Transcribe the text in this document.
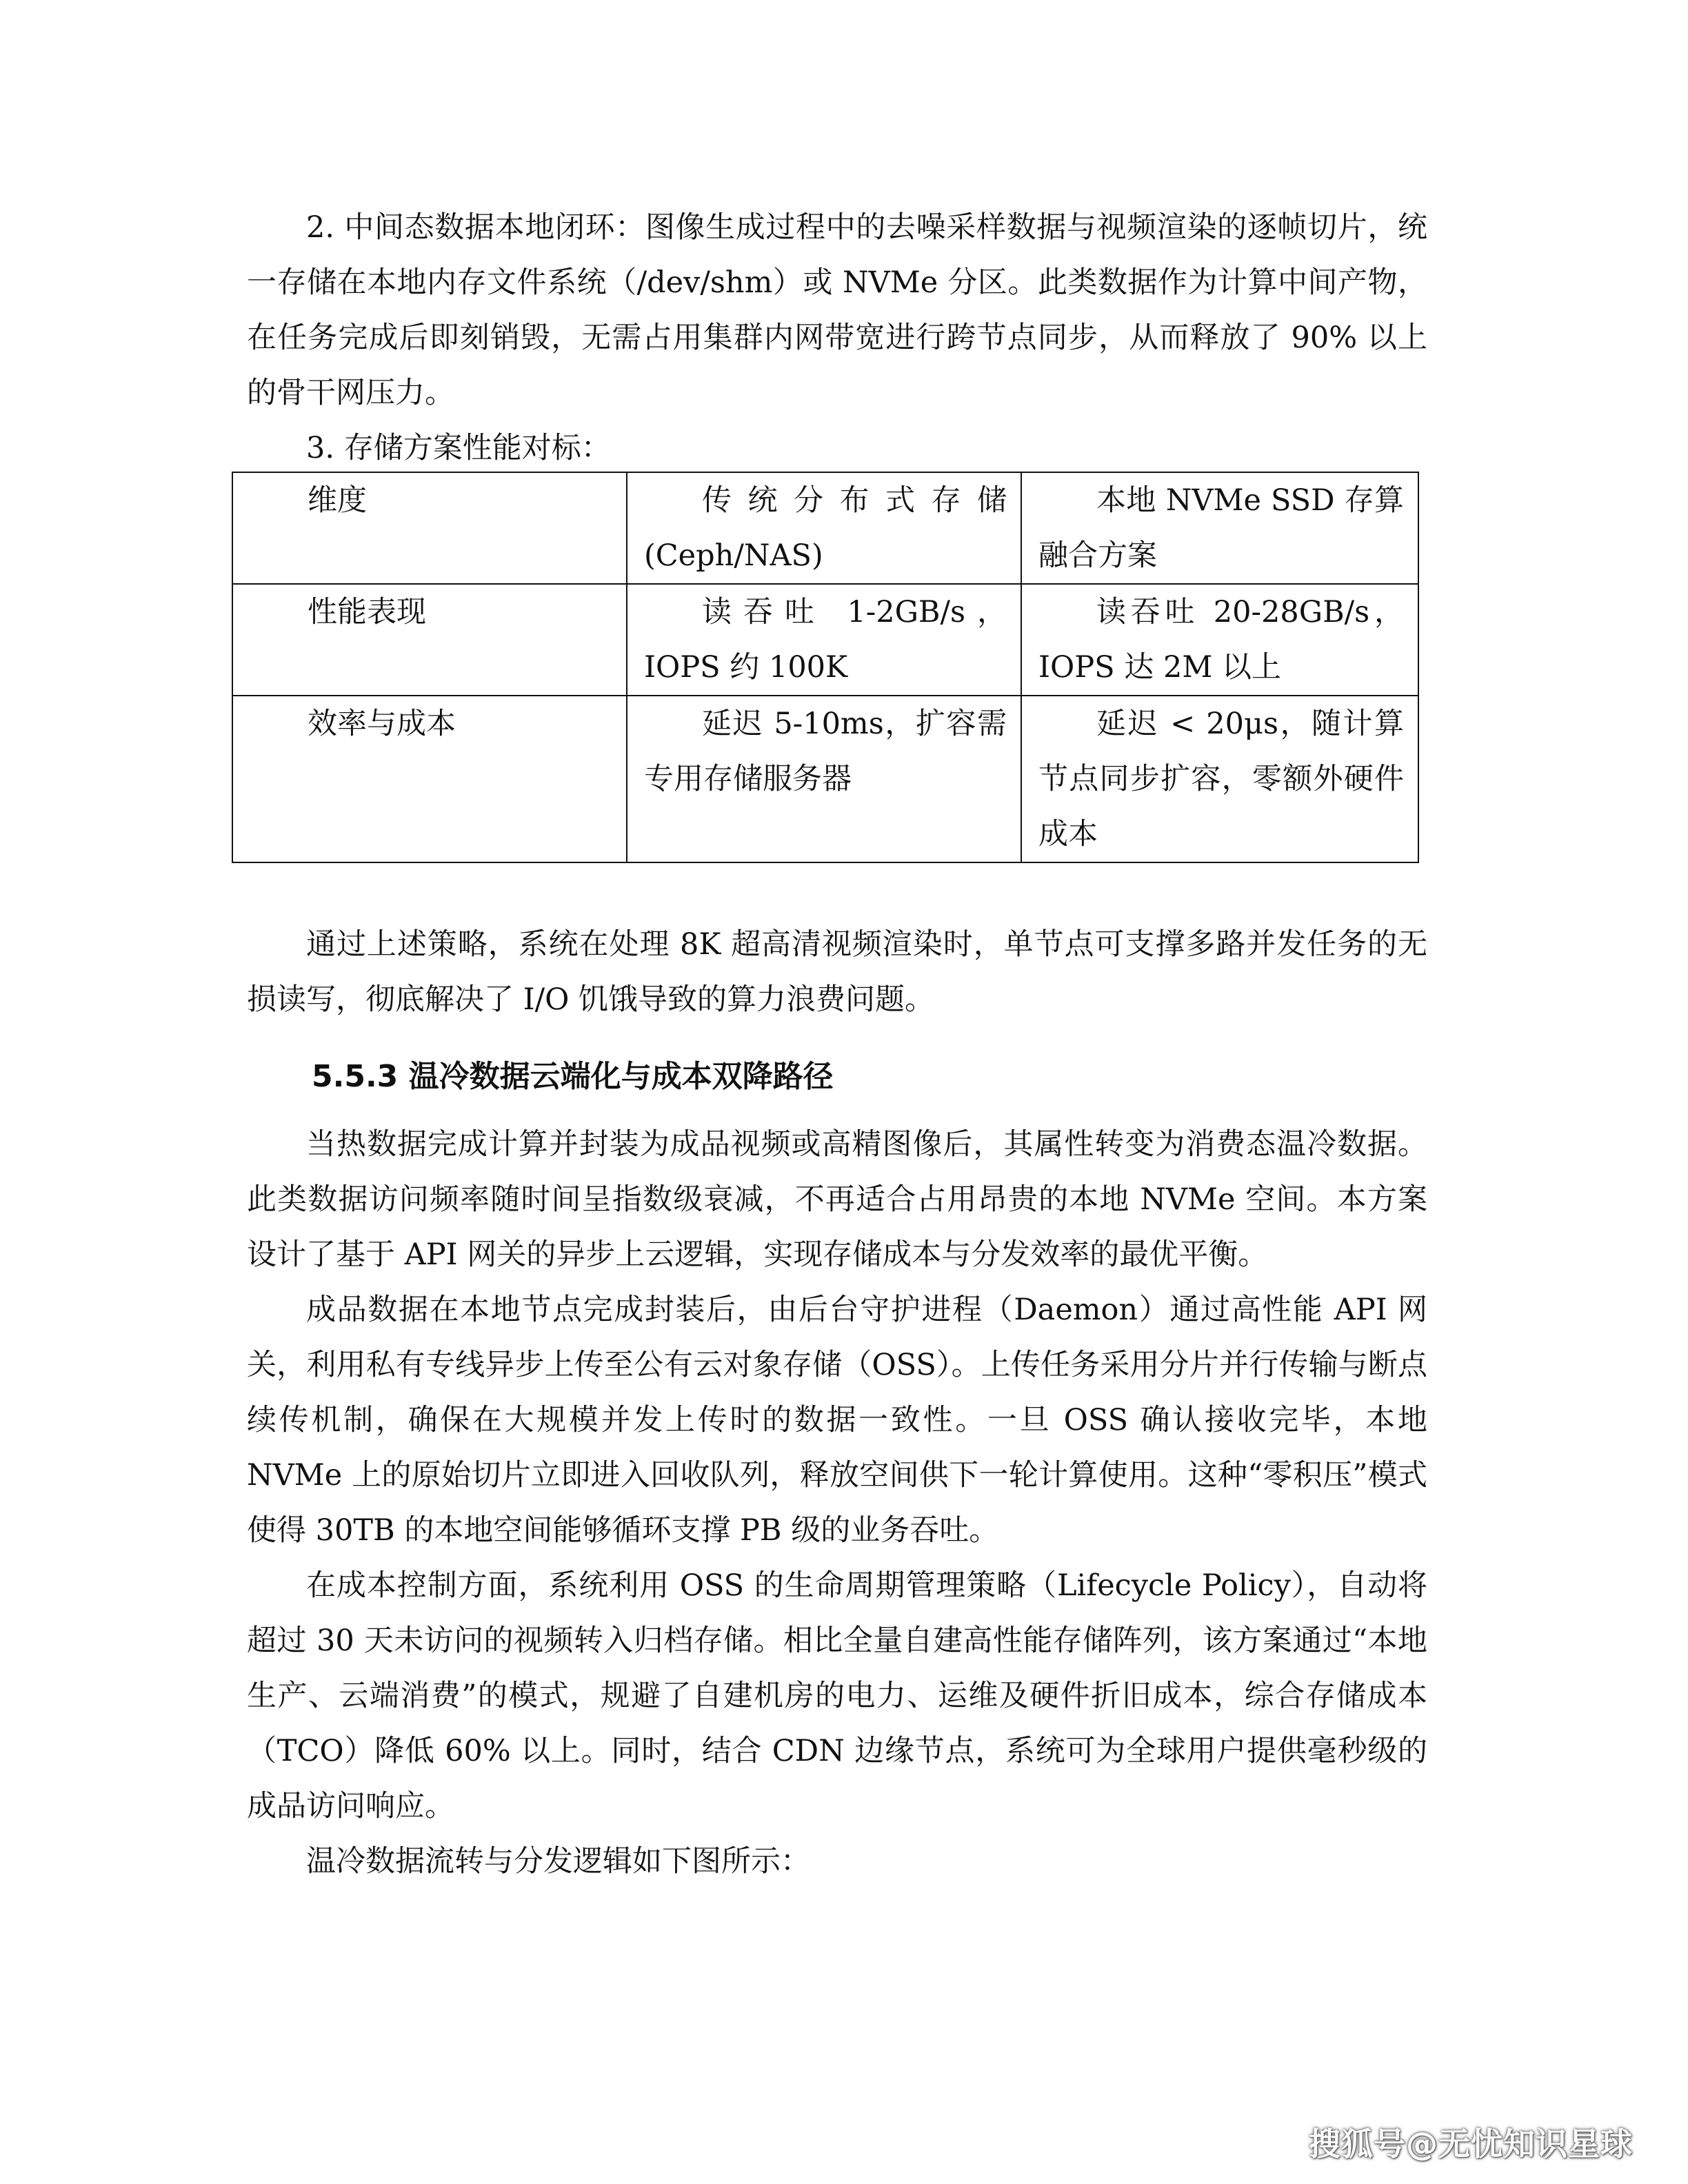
2. 中间态数据本地闭环：图像生成过程中的去噪采样数据与视频渲染的逐帧切片，统一存储在本地内存文件系统（/dev/shm）或 NVMe 分区。此类数据作为计算中间产物，在任务完成后即刻销毁，无需占用集群内网带宽进行跨节点同步，从而释放了 90% 以上的骨干网压力。

3. 存储方案性能对标：

维度	传统分布式存储 (Ceph/NAS)	本地 NVMe SSD 存算融合方案

性能表现	读吞吐 1-2GB/s，IOPS 约 100K	读吞吐 20-28GB/s，IOPS 达 2M 以上

效率与成本	延迟 5-10ms，扩容需专用存储服务器	延迟 < 20μs，随计算节点同步扩容，零额外硬件成本

通过上述策略，系统在处理 8K 超高清视频渲染时，单节点可支撑多路并发任务的无损读写，彻底解决了 I/O 饥饿导致的算力浪费问题。

5.5.3 温冷数据云端化与成本双降路径

当热数据完成计算并封装为成品视频或高精图像后，其属性转变为消费态温冷数据。此类数据访问频率随时间呈指数级衰减，不再适合占用昂贵的本地 NVMe 空间。本方案设计了基于 API 网关的异步上云逻辑，实现存储成本与分发效率的最优平衡。

成品数据在本地节点完成封装后，由后台守护进程（Daemon）通过高性能 API 网关，利用私有专线异步上传至公有云对象存储（OSS）。上传任务采用分片并行传输与断点续传机制，确保在大规模并发上传时的数据一致性。一旦 OSS 确认接收完毕，本地 NVMe 上的原始切片立即进入回收队列，释放空间供下一轮计算使用。这种“零积压”模式使得 30TB 的本地空间能够循环支撑 PB 级的业务吞吐。

在成本控制方面，系统利用 OSS 的生命周期管理策略（Lifecycle Policy），自动将超过 30 天未访问的视频转入归档存储。相比全量自建高性能存储阵列，该方案通过“本地生产、云端消费”的模式，规避了自建机房的电力、运维及硬件折旧成本，综合存储成本（TCO）降低 60% 以上。同时，结合 CDN 边缘节点，系统可为全球用户提供毫秒级的成品访问响应。

温冷数据流转与分发逻辑如下图所示：

搜狐号@无忧知识星球
